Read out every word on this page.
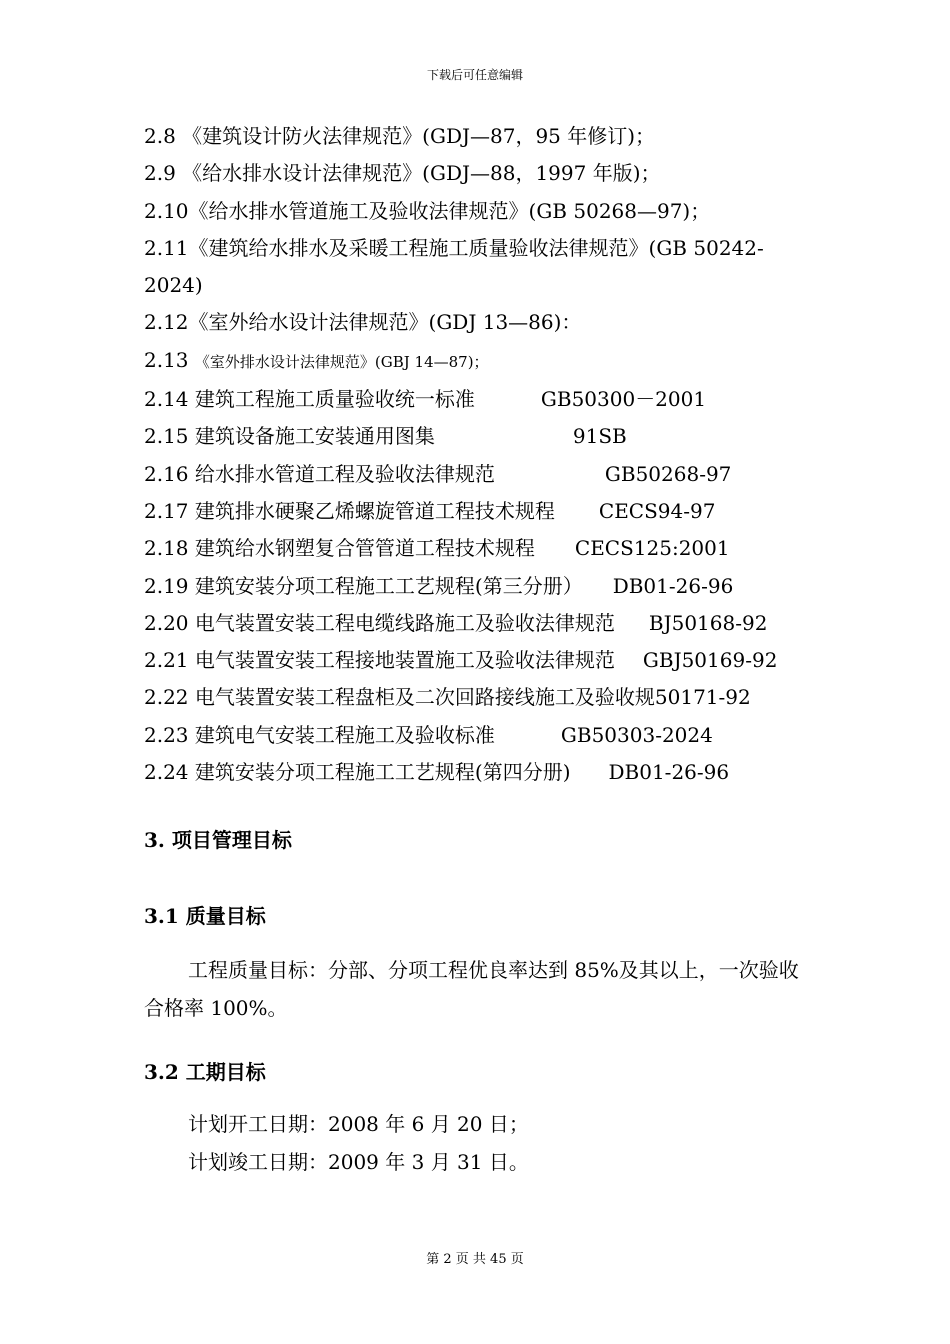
下载后可任意编辑
2.8 《建筑设计防火法律规范》(GDJ—87，95 年修订)；
2.9 《给水排水设计法律规范》(GDJ—88，1997 年版)；
2.10《给水排水管道施工及验收法律规范》(GB 50268—97)；
2.11《建筑给水排水及采暖工程施工质量验收法律规范》(GB 50242-2024)
2.12《室外给水设计法律规范》(GDJ 13—86)：
2.13 《室外排水设计法律规范》(GBJ 14—87)；
2.14 建筑工程施工质量验收统一标准	GB50300－2001
2.15 建筑设备施工安装通用图集	91SB
2.16 给水排水管道工程及验收法律规范	GB50268-97
2.17 建筑排水硬聚乙烯螺旋管道工程技术规程 CECS94-97
2.18 建筑给水钢塑复合管管道工程技术规程 CECS125:2001
2.19 建筑安装分项工程施工工艺规程(第三分册） DB01-26-96
2.20 电气装置安装工程电缆线路施工及验收法律规范 BJ50168-92
2.21 电气装置安装工程接地装置施工及验收法律规范 GBJ50169-92
2.22 电气装置安装工程盘柜及二次回路接线施工及验收规50171-92
2.23 建筑电气安装工程施工及验收标准	GB50303-2024
2.24 建筑安装分项工程施工工艺规程(第四分册) DB01-26-96
3. 项目管理目标
3.1 质量目标
工程质量目标：分部、分项工程优良率达到 85%及其以上，一次验收合格率 100%。
3.2 工期目标
计划开工日期：2008 年 6 月 20 日；
计划竣工日期：2009 年 3 月 31 日。
第 2 页 共 45 页
